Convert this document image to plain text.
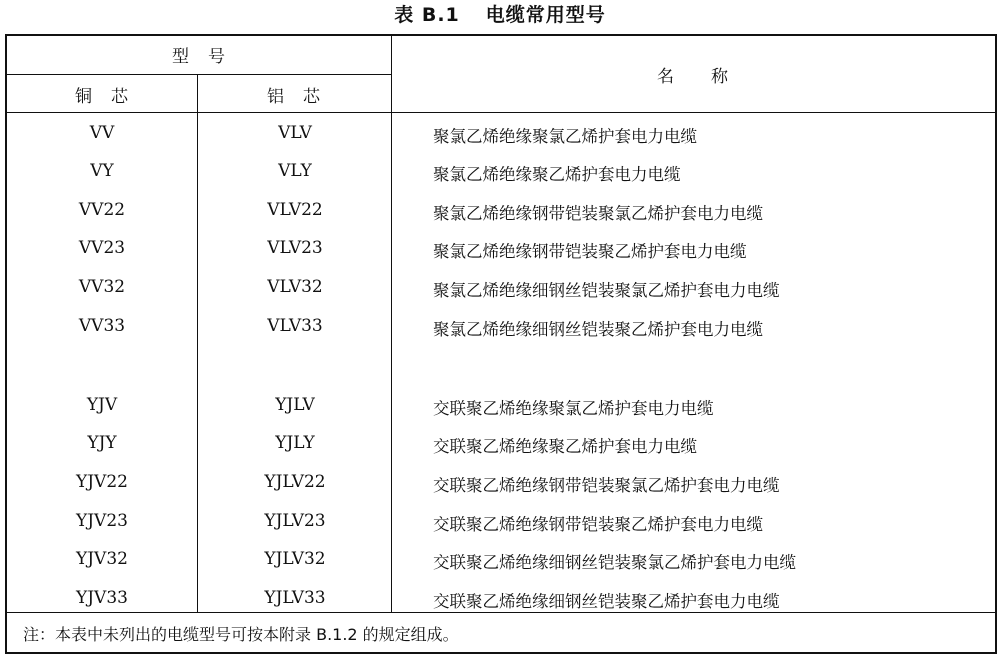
表 B.1 电缆常用型号
型　号
铜　芯	铝　芯
名　　称
VV	VLV	聚氯乙烯绝缘聚氯乙烯护套电力电缆
VY	VLY	聚氯乙烯绝缘聚乙烯护套电力电缆
VV22	VLV22	聚氯乙烯绝缘钢带铠装聚氯乙烯护套电力电缆
VV23	VLV23	聚氯乙烯绝缘钢带铠装聚乙烯护套电力电缆
VV32	VLV32	聚氯乙烯绝缘细钢丝铠装聚氯乙烯护套电力电缆
VV33	VLV33	聚氯乙烯绝缘细钢丝铠装聚乙烯护套电力电缆
YJV	YJLV	交联聚乙烯绝缘聚氯乙烯护套电力电缆
YJY	YJLY	交联聚乙烯绝缘聚乙烯护套电力电缆
YJV22	YJLV22	交联聚乙烯绝缘钢带铠装聚氯乙烯护套电力电缆
YJV23	YJLV23	交联聚乙烯绝缘钢带铠装聚乙烯护套电力电缆
YJV32	YJLV32	交联聚乙烯绝缘细钢丝铠装聚氯乙烯护套电力电缆
YJV33	YJLV33	交联聚乙烯绝缘细钢丝铠装聚乙烯护套电力电缆
注：本表中未列出的电缆型号可按本附录 B.1.2 的规定组成。
